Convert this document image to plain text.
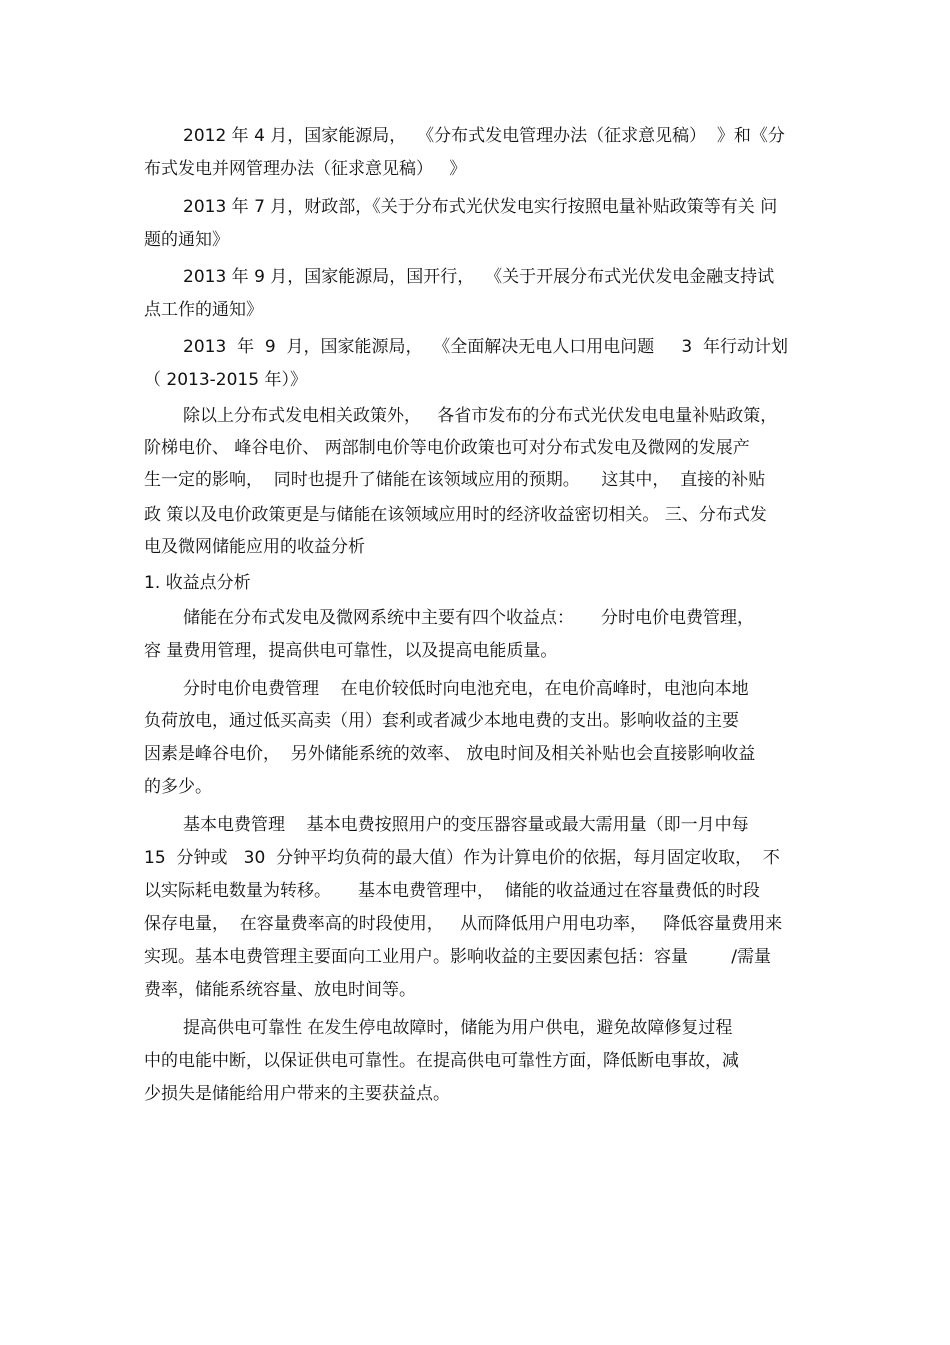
2012 年 4 月，国家能源局，  《分布式发电管理办法（征求意见稿）  》和《分
布式发电并网管理办法（征求意见稿）   》
2013 年 7 月，财政部，《关于分布式光伏发电实行按照电量补贴政策等有关 问
题的通知》
2013 年 9 月，国家能源局，国开行，  《关于开展分布式光伏发电金融支持试
点工作的通知》
2013  年  9  月，国家能源局，  《全面解决无电人口用电问题     3  年行动计划
（ 2013-2015 年）》
除以上分布式发电相关政策外，   各省市发布的分布式光伏发电电量补贴政策，
阶梯电价、 峰谷电价、 两部制电价等电价政策也可对分布式发电及微网的发展产
生一定的影响，  同时也提升了储能在该领域应用的预期。    这其中，  直接的补贴
政 策以及电价政策更是与储能在该领域应用时的经济收益密切相关。 三、分布式发
电及微网储能应用的收益分析
1. 收益点分析
储能在分布式发电及微网系统中主要有四个收益点：     分时电价电费管理，
容 量费用管理，提高供电可靠性，以及提高电能质量。
分时电价电费管理    在电价较低时向电池充电，在电价高峰时，电池向本地
负荷放电，通过低买高卖（用）套利或者减少本地电费的支出。影响收益的主要
因素是峰谷电价，  另外储能系统的效率、 放电时间及相关补贴也会直接影响收益
的多少。
基本电费管理    基本电费按照用户的变压器容量或最大需用量（即一月中每
15  分钟或   30  分钟平均负荷的最大值）作为计算电价的依据，每月固定收取，  不
以实际耗电数量为转移。     基本电费管理中，  储能的收益通过在容量费低的时段
保存电量，  在容量费率高的时段使用，   从而降低用户用电功率，   降低容量费用来
实现。基本电费管理主要面向工业用户。影响收益的主要因素包括：容量        /需量
费率，储能系统容量、放电时间等。
提高供电可靠性 在发生停电故障时，储能为用户供电，避免故障修复过程
中的电能中断，以保证供电可靠性。在提高供电可靠性方面，降低断电事故，减
少损失是储能给用户带来的主要获益点。
